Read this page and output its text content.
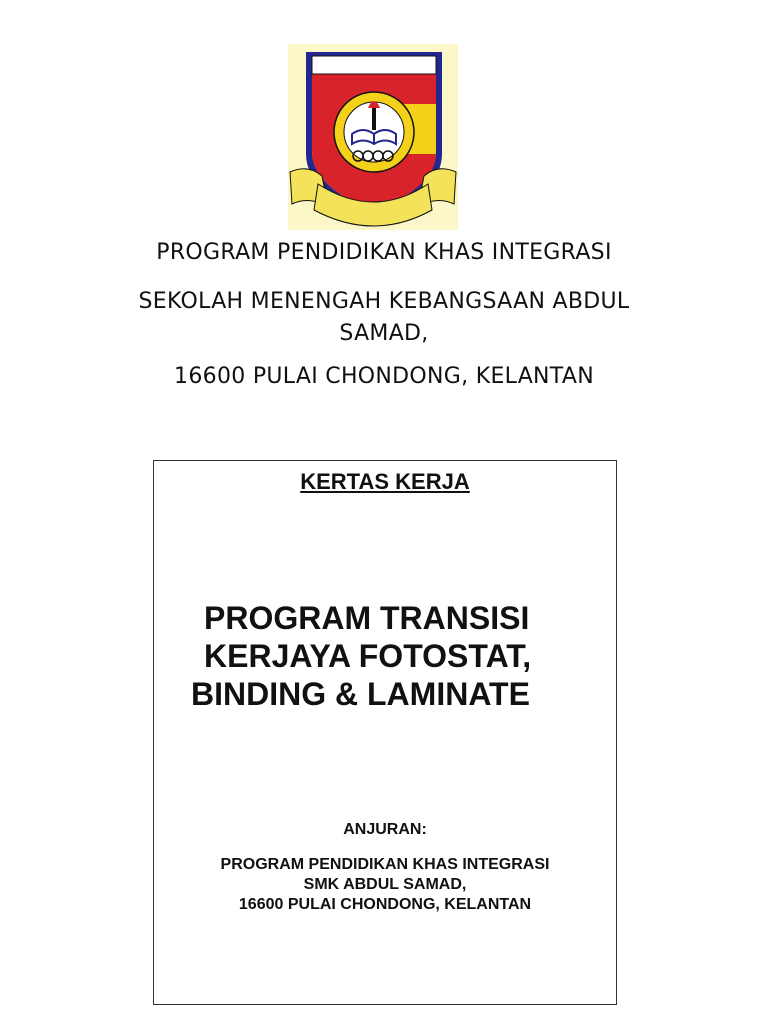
PROGRAM PENDIDIKAN KHAS INTEGRASI
SEKOLAH MENENGAH KEBANGSAAN ABDUL
SAMAD,
16600 PULAI CHONDONG, KELANTAN
KERTAS KERJA
PROGRAM TRANSISI
KERJAYA FOTOSTAT,
BINDING & LAMINATE
ANJURAN:
PROGRAM PENDIDIKAN KHAS INTEGRASI
SMK ABDUL SAMAD,
16600 PULAI CHONDONG, KELANTAN
